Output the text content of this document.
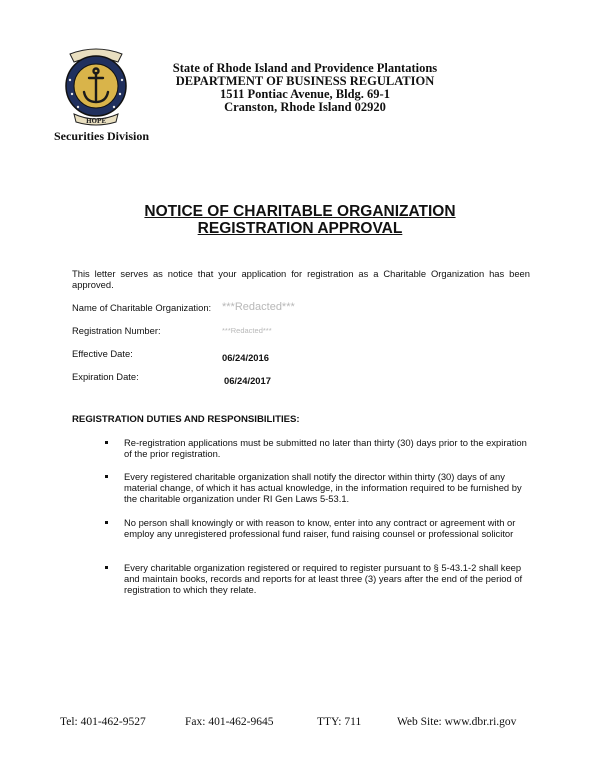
HOPE
State of Rhode Island and Providence Plantations
DEPARTMENT OF BUSINESS REGULATION
1511 Pontiac Avenue, Bldg. 69-1
Cranston, Rhode Island 02920
Securities Division
NOTICE OF CHARITABLE ORGANIZATION
REGISTRATION APPROVAL
This letter serves as notice that your application for registration as a Charitable Organization has been approved.
Name of Charitable Organization: ***Redacted***
Registration Number:	***Redacted***
Effective Date:	06/24/2016
Expiration Date:	06/24/2017
REGISTRATION DUTIES AND RESPONSIBILITIES:
Re-registration applications must be submitted no later than thirty (30) days prior to the expiration of the prior registration.
Every registered charitable organization shall notify the director within thirty (30) days of any material change, of which it has actual knowledge, in the information required to be furnished by the charitable organization under RI Gen Laws 5-53.1.
No person shall knowingly or with reason to know, enter into any contract or agreement with or employ any unregistered professional fund raiser, fund raising counsel or professional solicitor
Every charitable organization registered or required to register pursuant to § 5-43.1-2 shall keep and maintain books, records and reports for at least three (3) years after the end of the period of registration to which they relate.
Tel: 401-462-9527	Fax: 401-462-9645	TTY: 711	Web Site: www.dbr.ri.gov
